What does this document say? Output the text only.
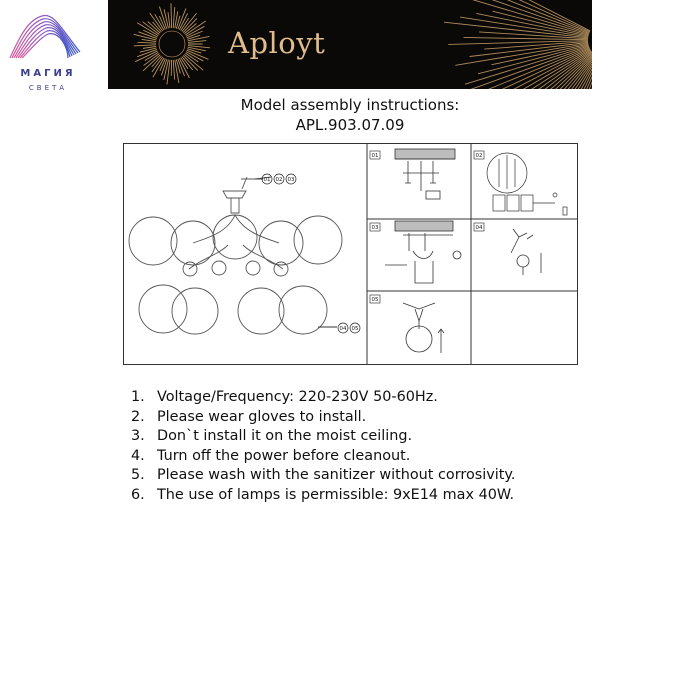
МАГИЯ
СВЕТА
Aployt
Model assembly instructions:
APL.903.07.09
01 02 03
04 05
01	02
03	04
05
1. Voltage/Frequency: 220-230V 50-60Hz.
2. Please wear gloves to install.
3. Don`t install it on the moist ceiling.
4. Turn off the power before cleanout.
5. Please wash with the sanitizer without corrosivity.
6. The use of lamps is permissible: 9xE14 max 40W.
